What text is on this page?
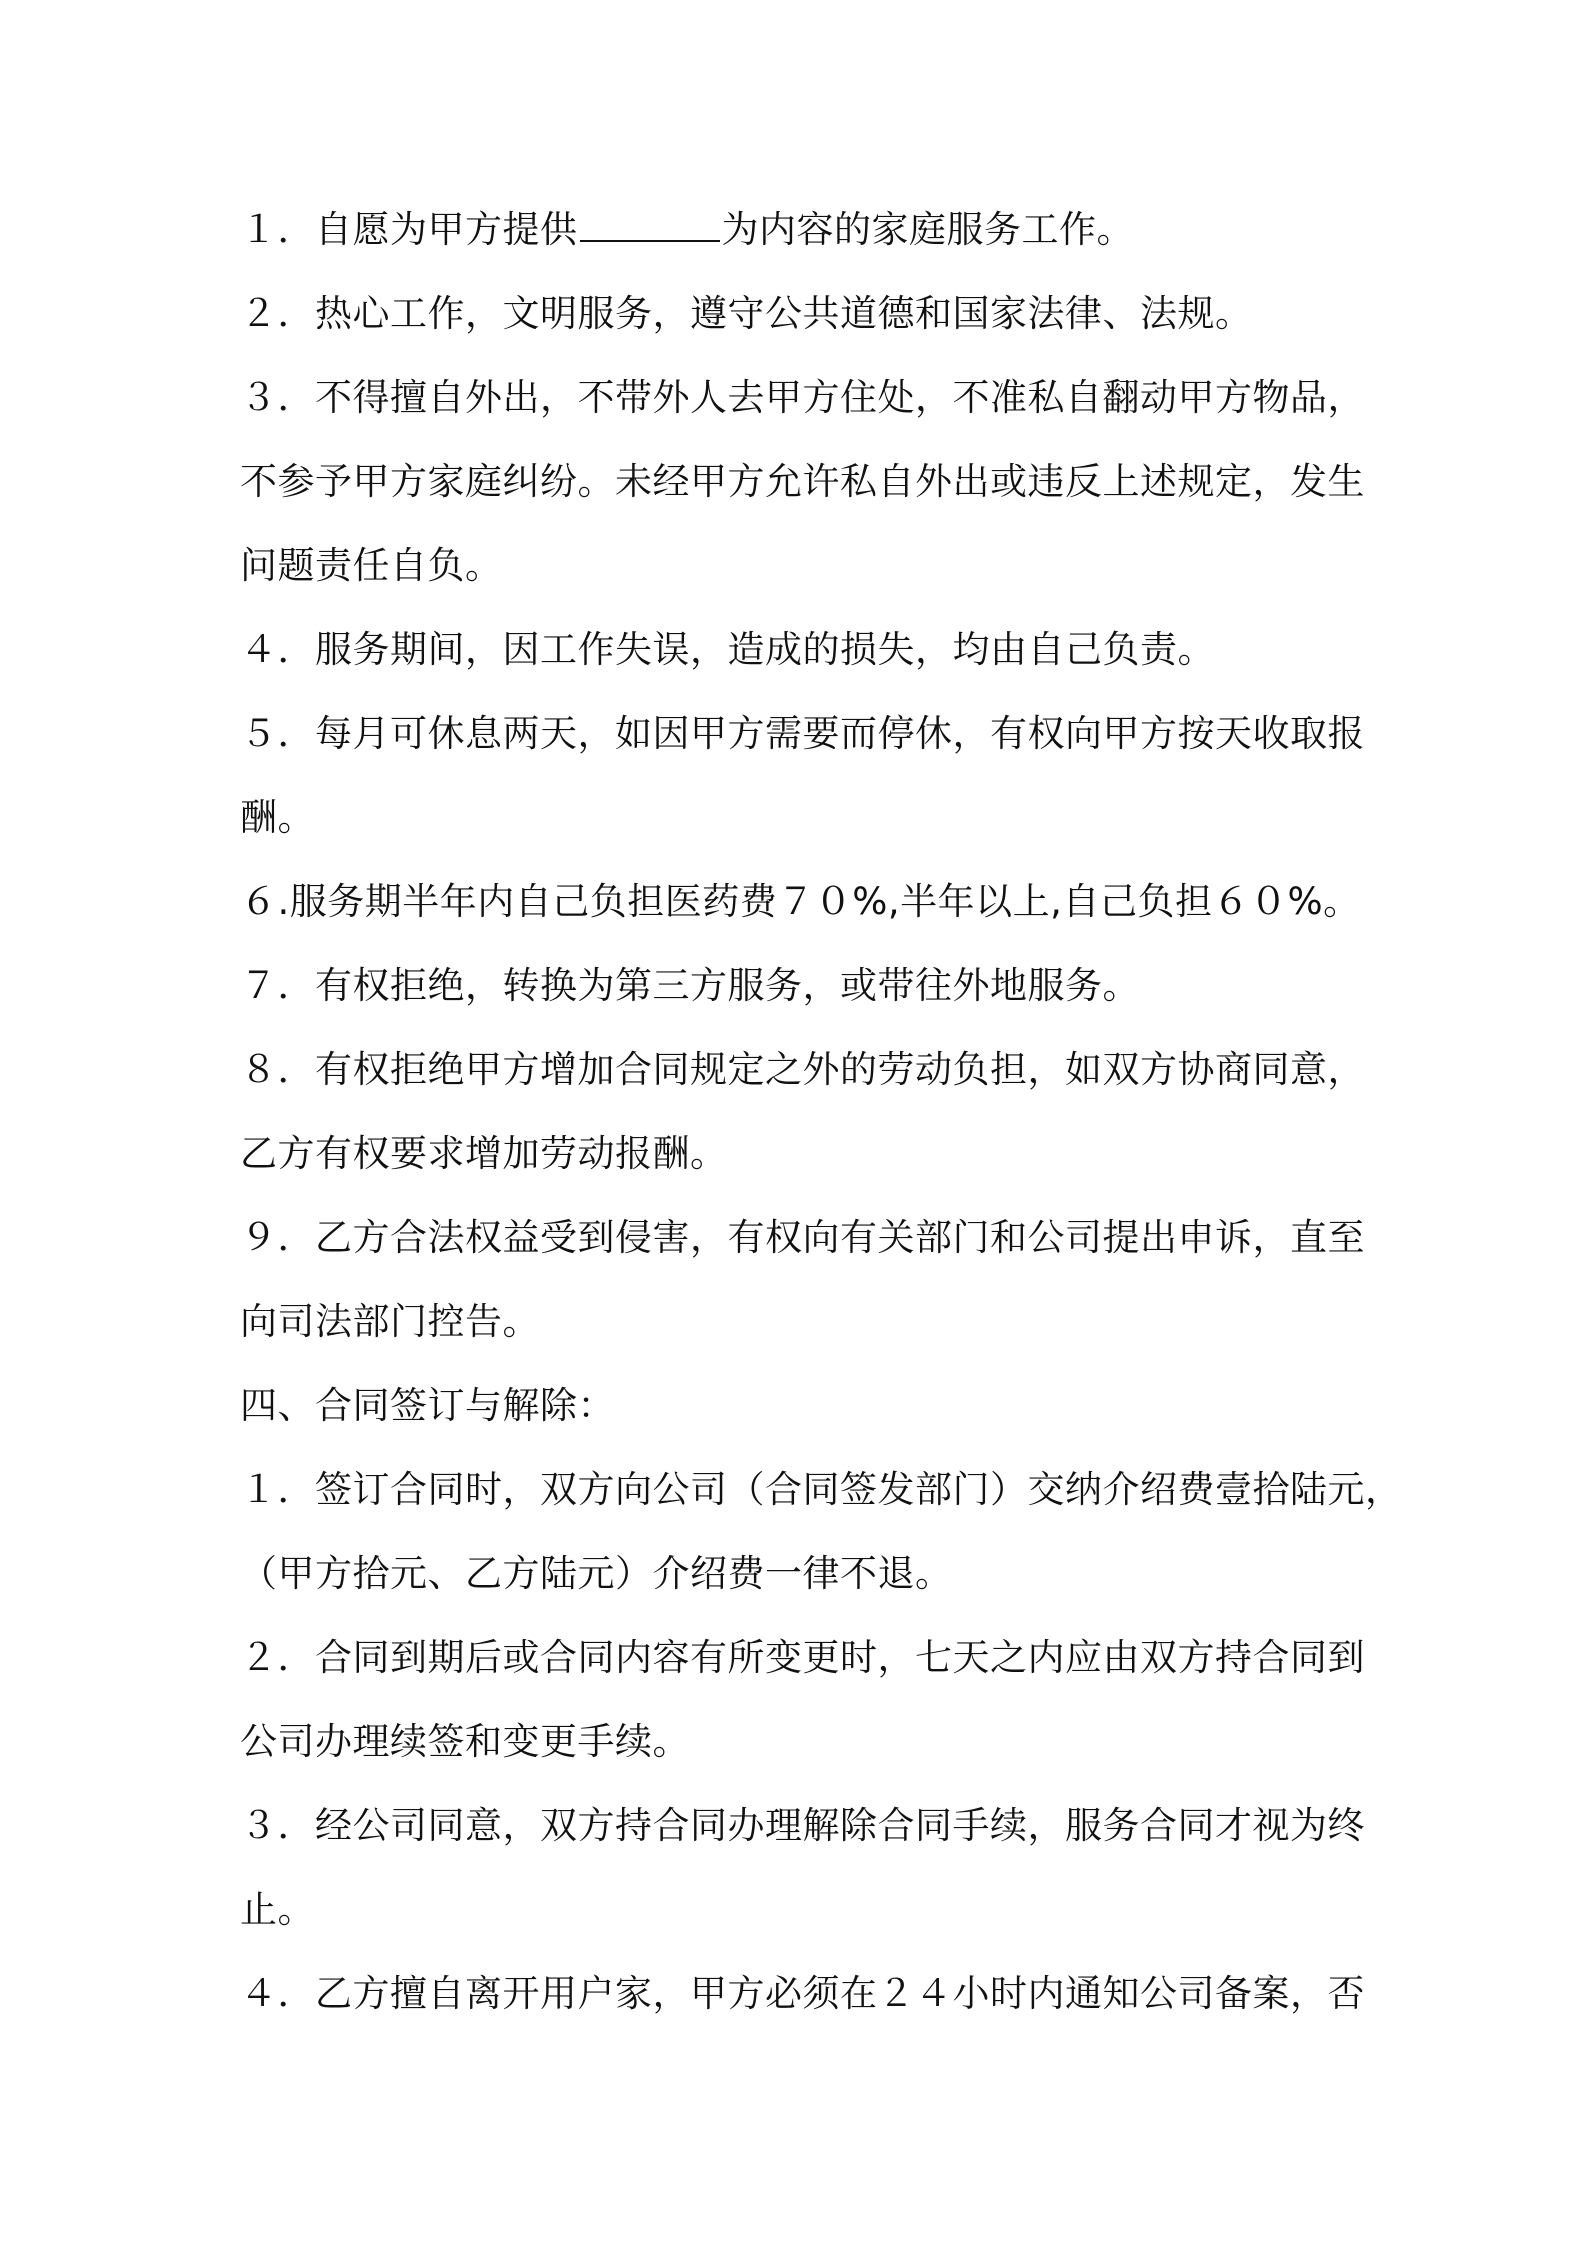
１．自愿为甲方提供	为内容的家庭服务工作。
２．热心工作，文明服务，遵守公共道德和国家法律、法规。
３．不得擅自外出，不带外人去甲方住处，不准私自翻动甲方物品，
不参予甲方家庭纠纷。未经甲方允许私自外出或违反上述规定，发生
问题责任自负。
４．服务期间，因工作失误，造成的损失，均由自己负责。
５．每月可休息两天，如因甲方需要而停休，有权向甲方按天收取报
酬。
６.服务期半年内自己负担医药费７０%,半年以上,自己负担６０%。
７．有权拒绝，转换为第三方服务，或带往外地服务。
８．有权拒绝甲方增加合同规定之外的劳动负担，如双方协商同意，
乙方有权要求增加劳动报酬。
９．乙方合法权益受到侵害，有权向有关部门和公司提出申诉，直至
向司法部门控告。
四、合同签订与解除：
１．签订合同时，双方向公司（合同签发部门）交纳介绍费壹拾陆元，
（甲方拾元、乙方陆元）介绍费一律不退。
２．合同到期后或合同内容有所变更时，七天之内应由双方持合同到
公司办理续签和变更手续。
３．经公司同意，双方持合同办理解除合同手续，服务合同才视为终
止。
４．乙方擅自离开用户家，甲方必须在２４小时内通知公司备案，否
